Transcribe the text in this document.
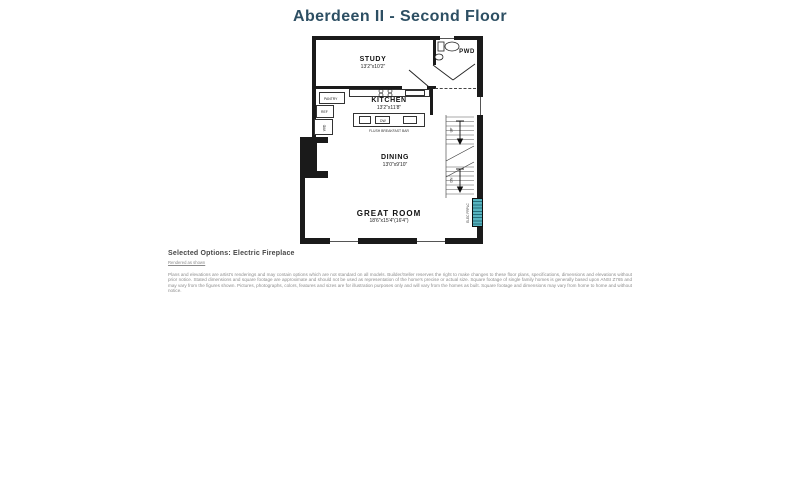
Aberdeen II - Second Floor
DW
FLUSH BREAKFAST BAR
PANTRY
REF
W/D
ELEC FRPLC
UP
DN
STUDY
13'2"x10'2"
PWD
KITCHEN
13'2"x11'8"
DINING
13'0"x9'10"
GREAT ROOM
18'6"x15'4"(16'4")
Selected Options: Electric Fireplace
Rendered as shown
Plans and elevations are artist's renderings and may contain options which are not standard on all models. Builder/Seller reserves the right to make changes to these floor plans, specifications, dimensions and elevations without prior notice. Stated dimensions and square footage are approximate and should not be used as representation of the home's precise or actual size. Square footage of single family homes is generally based upon ANSI Z765 and may vary from the figures shown. Pictures, photographs, colors, features and sizes are for illustration purposes only and will vary from the homes as built. Square footage and dimensions may vary from home to home and without notice.
